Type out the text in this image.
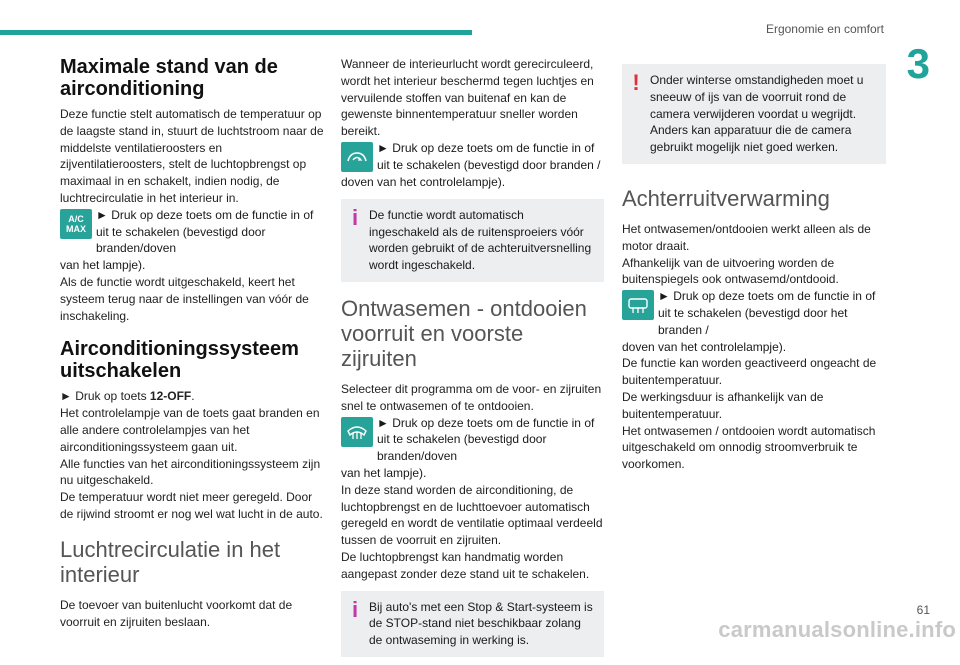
Ergonomie en comfort
3
Maximale stand van de airconditioning
Deze functie stelt automatisch de temperatuur op de laagste stand in, stuurt de luchtstroom naar de middelste ventilatieroosters en zijventilatieroosters, stelt de luchtopbrengst op maximaal in en schakelt, indien nodig, de luchtrecirculatie in het interieur in.
A/C MAX
► Druk op deze toets om de functie in of uit te schakelen (bevestigd door branden/doven
van het lampje).
Als de functie wordt uitgeschakeld, keert het systeem terug naar de instellingen van vóór de inschakeling.
Airconditioningssysteem uitschakelen
► Druk op toets 12-OFF.
Het controlelampje van de toets gaat branden en alle andere controlelampjes van het airconditioningssysteem gaan uit.
Alle functies van het airconditioningssysteem zijn nu uitgeschakeld.
De temperatuur wordt niet meer geregeld. Door de rijwind stroomt er nog wel wat lucht in de auto.
Luchtrecirculatie in het interieur
De toevoer van buitenlucht voorkomt dat de voorruit en zijruiten beslaan.
Wanneer de interieurlucht wordt gerecirculeerd, wordt het interieur beschermd tegen luchtjes en vervuilende stoffen van buitenaf en kan de gewenste binnentemperatuur sneller worden bereikt.
► Druk op deze toets om de functie in of uit te schakelen (bevestigd door branden /
doven van het controlelampje).
i De functie wordt automatisch ingeschakeld als de ruitensproeiers vóór worden gebruikt of de achteruitversnelling wordt ingeschakeld.
Ontwasemen - ontdooien voorruit en voorste zijruiten
Selecteer dit programma om de voor- en zijruiten snel te ontwasemen of te ontdooien.
► Druk op deze toets om de functie in of uit te schakelen (bevestigd door branden/doven
van het lampje).
In deze stand worden de airconditioning, de luchtopbrengst en de luchttoevoer automatisch geregeld en wordt de ventilatie optimaal verdeeld tussen de voorruit en zijruiten.
De luchtopbrengst kan handmatig worden aangepast zonder deze stand uit te schakelen.
i Bij auto's met een Stop & Start-systeem is de STOP-stand niet beschikbaar zolang de ontwaseming in werking is.
! Onder winterse omstandigheden moet u sneeuw of ijs van de voorruit rond de camera verwijderen voordat u wegrijdt. Anders kan apparatuur die de camera gebruikt mogelijk niet goed werken.
Achterruitverwarming
Het ontwasemen/ontdooien werkt alleen als de motor draait.
Afhankelijk van de uitvoering worden de buitenspiegels ook ontwasemd/ontdooid.
► Druk op deze toets om de functie in of uit te schakelen (bevestigd door het branden /
doven van het controlelampje).
De functie kan worden geactiveerd ongeacht de buitentemperatuur.
De werkingsduur is afhankelijk van de buitentemperatuur.
Het ontwasemen / ontdooien wordt automatisch uitgeschakeld om onnodig stroomverbruik te voorkomen.
61
carmanualsonline.info
